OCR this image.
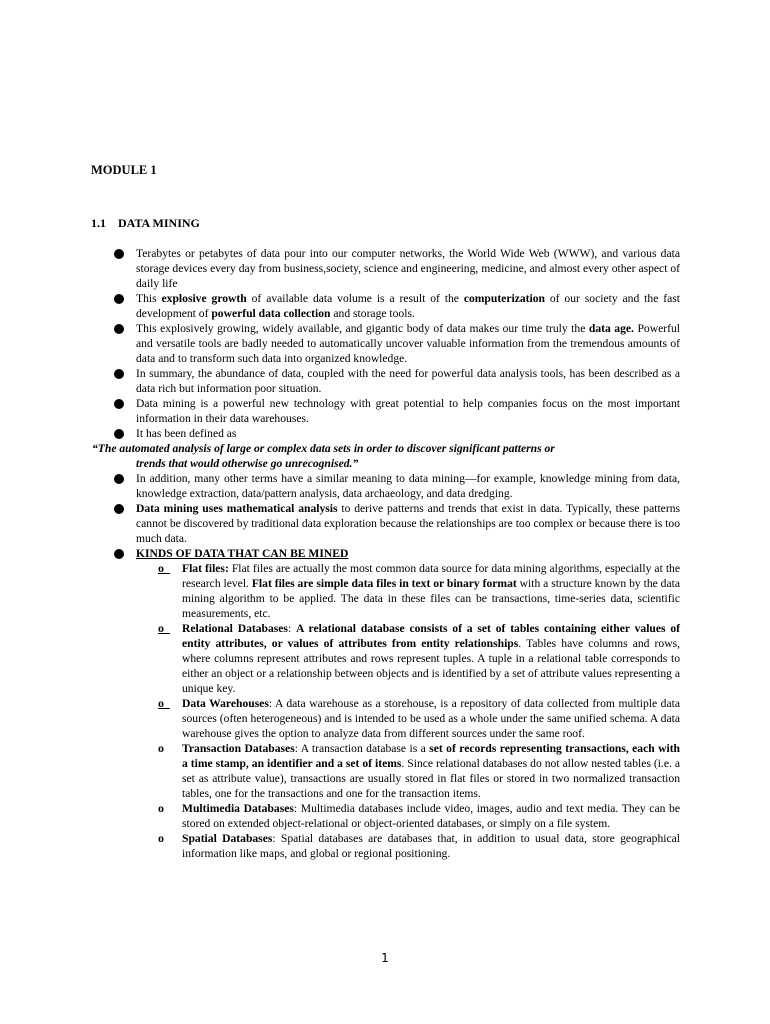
MODULE 1
1.1 DATA MINING
Terabytes or petabytes of data pour into our computer networks, the World Wide Web (WWW), and various data storage devices every day from business,society, science and engineering, medicine, and almost every other aspect of daily life
This explosive growth of available data volume is a result of the computerization of our society and the fast development of powerful data collection and storage tools.
This explosively growing, widely available, and gigantic body of data makes our time truly the data age. Powerful and versatile tools are badly needed to automatically uncover valuable information from the tremendous amounts of data and to transform such data into organized knowledge.
In summary, the abundance of data, coupled with the need for powerful data analysis tools, has been described as a data rich but information poor situation.
Data mining is a powerful new technology with great potential to help companies focus on the most important information in their data warehouses.
It has been defined as
“The automated analysis of large or complex data sets in order to discover significant patterns or
trends that would otherwise go unrecognised.”
In addition, many other terms have a similar meaning to data mining—for example, knowledge mining from data, knowledge extraction, data/pattern analysis, data archaeology, and data dredging.
Data mining uses mathematical analysis to derive patterns and trends that exist in data. Typically, these patterns cannot be discovered by traditional data exploration because the relationships are too complex or because there is too much data.
KINDS OF DATA THAT CAN BE MINED
o Flat files: Flat files are actually the most common data source for data mining algorithms, especially at the research level. Flat files are simple data files in text or binary format with a structure known by the data mining algorithm to be applied. The data in these files can be transactions, time-series data, scientific measurements, etc.
o Relational Databases: A relational database consists of a set of tables containing either values of entity attributes, or values of attributes from entity relationships. Tables have columns and rows, where columns represent attributes and rows represent tuples. A tuple in a relational table corresponds to either an object or a relationship between objects and is identified by a set of attribute values representing a unique key.
o Data Warehouses: A data warehouse as a storehouse, is a repository of data collected from multiple data sources (often heterogeneous) and is intended to be used as a whole under the same unified schema. A data warehouse gives the option to analyze data from different sources under the same roof.
o Transaction Databases: A transaction database is a set of records representing transactions, each with a time stamp, an identifier and a set of items. Since relational databases do not allow nested tables (i.e. a set as attribute value), transactions are usually stored in flat files or stored in two normalized transaction tables, one for the transactions and one for the transaction items.
o Multimedia Databases: Multimedia databases include video, images, audio and text media. They can be stored on extended object-relational or object-oriented databases, or simply on a file system.
o Spatial Databases: Spatial databases are databases that, in addition to usual data, store geographical information like maps, and global or regional positioning.
1
